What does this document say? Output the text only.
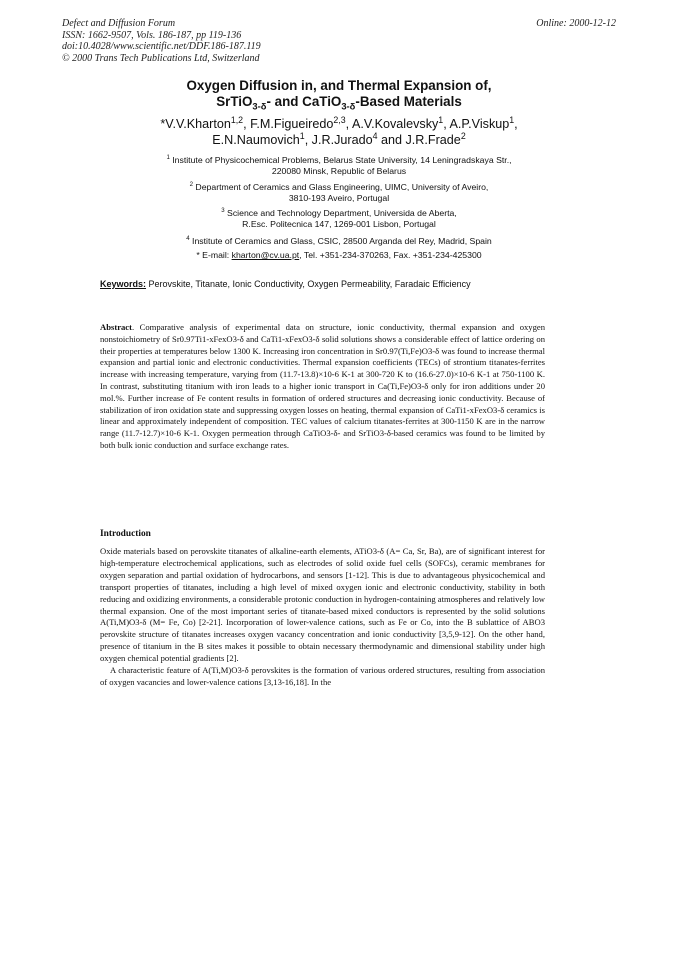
Defect and Diffusion Forum
ISSN: 1662-9507, Vols. 186-187, pp 119-136
doi:10.4028/www.scientific.net/DDF.186-187.119
© 2000 Trans Tech Publications Ltd, Switzerland
Online: 2000-12-12
Oxygen Diffusion in, and Thermal Expansion of,
SrTiO$_{3-\delta}$- and CaTiO$_{3-\delta}$-Based Materials
*V.V.Kharton$^{1,2}$, F.M.Figueiredo$^{2,3}$, A.V.Kovalevsky$^1$, A.P.Viskup$^1$,
E.N.Naumovich$^1$, J.R.Jurado$^4$ and J.R.Frade$^2$
$^1$ Institute of Physicochemical Problems, Belarus State University, 14 Leningradskaya Str.,
220080 Minsk, Republic of Belarus
$^2$ Department of Ceramics and Glass Engineering, UIMC, University of Aveiro,
3810-193 Aveiro, Portugal
$^3$ Science and Technology Department, Universida de Aberta,
R.Esc. Politecnica 147, 1269-001 Lisbon, Portugal
$^4$ Institute of Ceramics and Glass, CSIC, 28500 Arganda del Rey, Madrid, Spain
* E-mail: kharton@cv.ua.pt, Tel. +351-234-370263, Fax. +351-234-425300
Keywords: Perovskite, Titanate, Ionic Conductivity, Oxygen Permeability, Faradaic Efficiency
Abstract. Comparative analysis of experimental data on structure, ionic conductivity, thermal expansion and oxygen nonstoichiometry of Sr0.97Ti1-xFexO3-δ and CaTi1-xFexO3-δ solid solutions shows a considerable effect of lattice ordering on their properties at temperatures below 1300 K. Increasing iron concentration in Sr0.97(Ti,Fe)O3-δ was found to increase thermal expansion and partial ionic and electronic conductivities. Thermal expansion coefficients (TECs) of strontium titanates-ferrites increase with increasing temperature, varying from (11.7-13.8)×10-6 K-1 at 300-720 K to (16.6-27.0)×10-6 K-1 at 750-1100 K. In contrast, substituting titanium with iron leads to a higher ionic transport in Ca(Ti,Fe)O3-δ only for iron additions under 20 mol.%. Further increase of Fe content results in formation of ordered structures and decreasing ionic conductivity. Because of stabilization of iron oxidation state and suppressing oxygen losses on heating, thermal expansion of CaTi1-xFexO3-δ ceramics is linear and approximately independent of composition. TEC values of calcium titanates-ferrites at 300-1150 K are in the narrow range (11.7-12.7)×10-6 K-1. Oxygen permeation through CaTiO3-δ- and SrTiO3-δ-based ceramics was found to be limited by both bulk ionic conduction and surface exchange rates.
Introduction

Oxide materials based on perovskite titanates of alkaline-earth elements, ATiO3-δ (A= Ca, Sr, Ba), are of significant interest for high-temperature electrochemical applications, such as electrodes of solid oxide fuel cells (SOFCs), ceramic membranes for oxygen separation and partial oxidation of hydrocarbons, and sensors [1-12]. This is due to advantageous physicochemical and transport properties of titanates, including a high level of mixed oxygen ionic and electronic conductivity, stability in both reducing and oxidizing environments, a considerable protonic conduction in hydrogen-containing atmospheres and relatively low thermal expansion. One of the most important series of titanate-based mixed conductors is represented by the solid solutions A(Ti,M)O3-δ (M= Fe, Co) [2-21]. Incorporation of lower-valence cations, such as Fe or Co, into the B sublattice of ABO3 perovskite structure of titanates increases oxygen vacancy concentration and ionic conductivity [3,5,9-12]. On the other hand, presence of titanium in the B sites makes it possible to obtain necessary thermodynamic and dimensional stability under high oxygen chemical potential gradients [2].

A characteristic feature of A(Ti,M)O3-δ perovskites is the formation of various ordered structures, resulting from association of oxygen vacancies and lower-valence cations [3,13-16,18]. In the
